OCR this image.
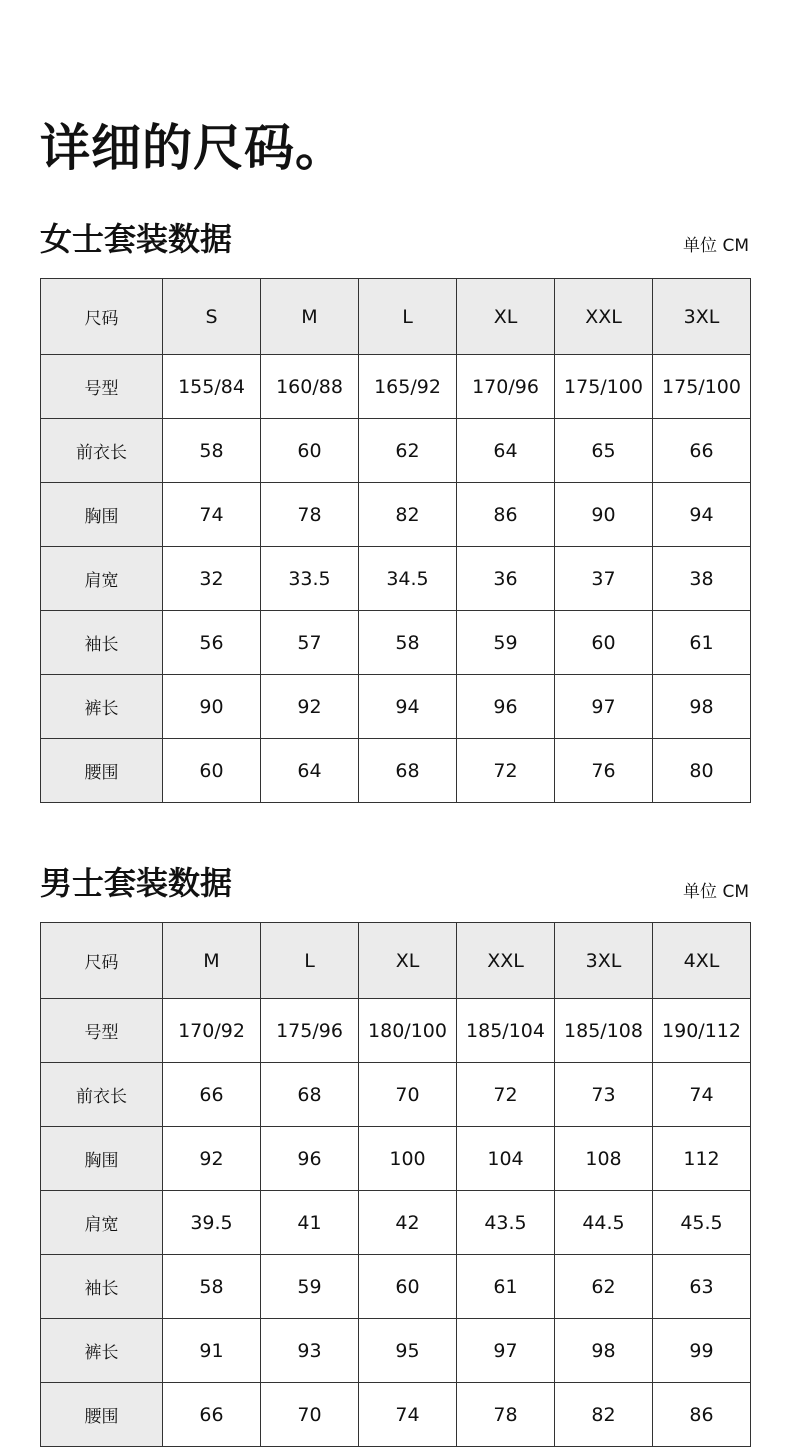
详细的尺码。
女士套装数据	单位 CM
尺码	S	M	L	XL	XXL	3XL
号型	155/84	160/88	165/92	170/96	175/100	175/100
前衣长	58	60	62	64	65	66
胸围	74	78	82	86	90	94
肩宽	32	33.5	34.5	36	37	38
袖长	56	57	58	59	60	61
裤长	90	92	94	96	97	98
腰围	60	64	68	72	76	80
男士套装数据	单位 CM
尺码	M	L	XL	XXL	3XL	4XL
号型	170/92	175/96	180/100	185/104	185/108	190/112
前衣长	66	68	70	72	73	74
胸围	92	96	100	104	108	112
肩宽	39.5	41	42	43.5	44.5	45.5
袖长	58	59	60	61	62	63
裤长	91	93	95	97	98	99
腰围	66	70	74	78	82	86
